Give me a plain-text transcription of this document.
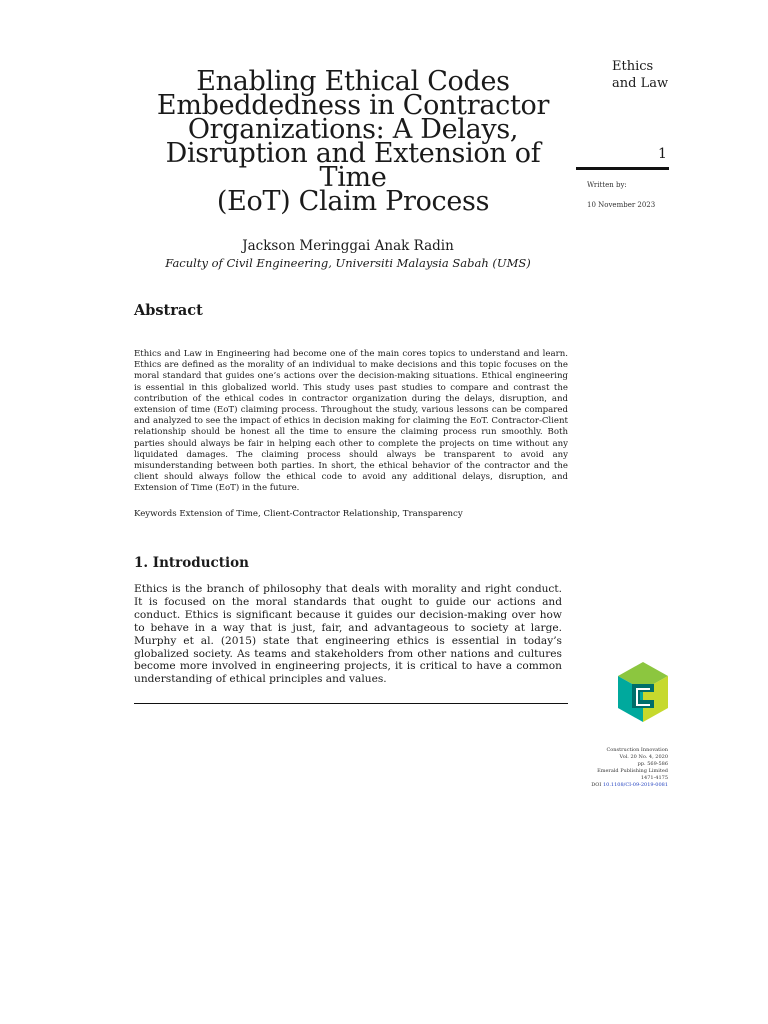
Enabling Ethical Codes
Embeddedness in Contractor
Organizations: A Delays,
Disruption and Extension of Time
(EoT) Claim Process
Ethics
and Law
1
Written by:
10 November 2023
Jackson Meringgai Anak Radin
Faculty of Civil Engineering, Universiti Malaysia Sabah (UMS)
Abstract

Ethics and Law in Engineering had become one of the main cores topics to understand and learn. Ethics are defined as the morality of an individual to make decisions and this topic focuses on the moral standard that guides one’s actions over the decision-making situations. Ethical engineering is essential in this globalized world. This study uses past studies to compare and contrast the contribution of the ethical codes in contractor organization during the delays, disruption, and extension of time (EoT) claiming process. Throughout the study, various lessons can be compared and analyzed to see the impact of ethics in decision making for claiming the EoT. Contractor-Client relationship should be honest all the time to ensure the claiming process run smoothly. Both parties should always be fair in helping each other to complete the projects on time without any liquidated damages. The claiming process should always be transparent to avoid any misunderstanding between both parties. In short, the ethical behavior of the contractor and the client should always follow the ethical code to avoid any additional delays, disruption, and Extension of Time (EoT) in the future.

Keywords Extension of Time, Client-Contractor Relationship, Transparency

1. Introduction

Ethics is the branch of philosophy that deals with morality and right conduct. It is focused on the moral standards that ought to guide our actions and conduct. Ethics is significant because it guides our decision-making over how to behave in a way that is just, fair, and advantageous to society at large. Murphy et al. (2015) state that engineering ethics is essential in today’s globalized society. As teams and stakeholders from other nations and cultures become more involved in engineering projects, it is critical to have a common understanding of ethical principles and values.

Construction Innovation
Vol. 20 No. 4, 2020
pp. 569-586
Emerald Publishing Limited
1471-4175
DOI 10.1108/CI-09-2019-0081
